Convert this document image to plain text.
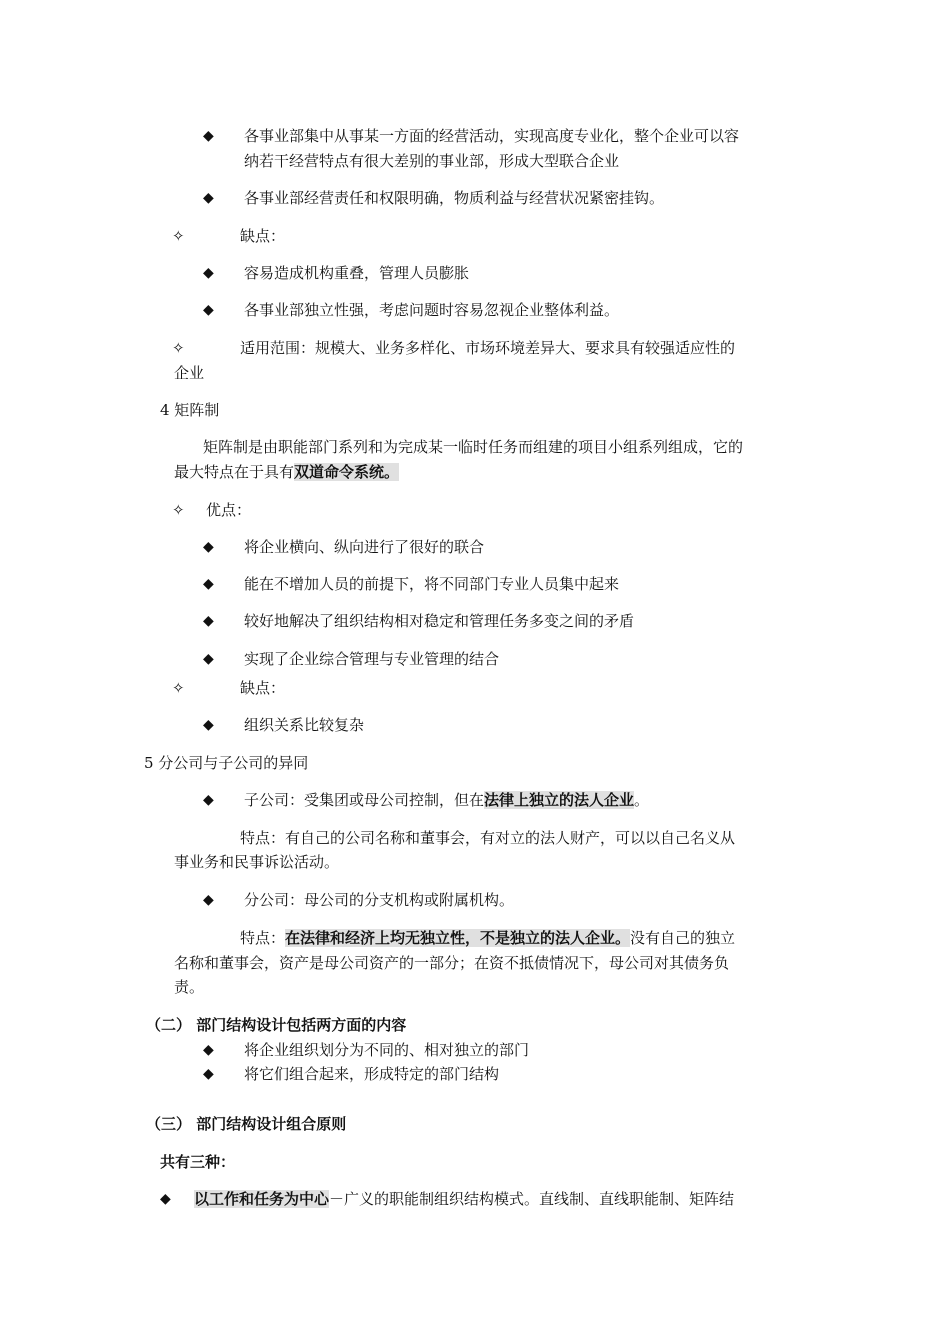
◆ 各事业部集中从事某一方面的经营活动，实现高度专业化，整个企业可以容
纳若干经营特点有很大差别的事业部，形成大型联合企业
◆ 各事业部经营责任和权限明确，物质利益与经营状况紧密挂钩。
✧	缺点：
◆ 容易造成机构重叠，管理人员膨胀
◆ 各事业部独立性强，考虑问题时容易忽视企业整体利益。
✧	适用范围：规模大、业务多样化、市场环境差异大、要求具有较强适应性的
企业
4 矩阵制
矩阵制是由职能部门系列和为完成某一临时任务而组建的项目小组系列组成，它的
最大特点在于具有双道命令系统。
✧ 优点：
◆ 将企业横向、纵向进行了很好的联合
◆ 能在不增加人员的前提下，将不同部门专业人员集中起来
◆ 较好地解决了组织结构相对稳定和管理任务多变之间的矛盾
◆ 实现了企业综合管理与专业管理的结合
✧	缺点：
◆ 组织关系比较复杂
5 分公司与子公司的异同
◆ 子公司：受集团或母公司控制，但在法律上独立的法人企业。
特点：有自己的公司名称和董事会，有对立的法人财产，可以以自己名义从
事业务和民事诉讼活动。
◆ 分公司：母公司的分支机构或附属机构。
特点：在法律和经济上均无独立性，不是独立的法人企业。没有自己的独立
名称和董事会，资产是母公司资产的一部分；在资不抵债情况下，母公司对其债务负
责。
（二） 部门结构设计包括两方面的内容
◆ 将企业组织划分为不同的、相对独立的部门
◆ 将它们组合起来，形成特定的部门结构
（三） 部门结构设计组合原则
共有三种：
◆ 以工作和任务为中心－广义的职能制组织结构模式。直线制、直线职能制、矩阵结
